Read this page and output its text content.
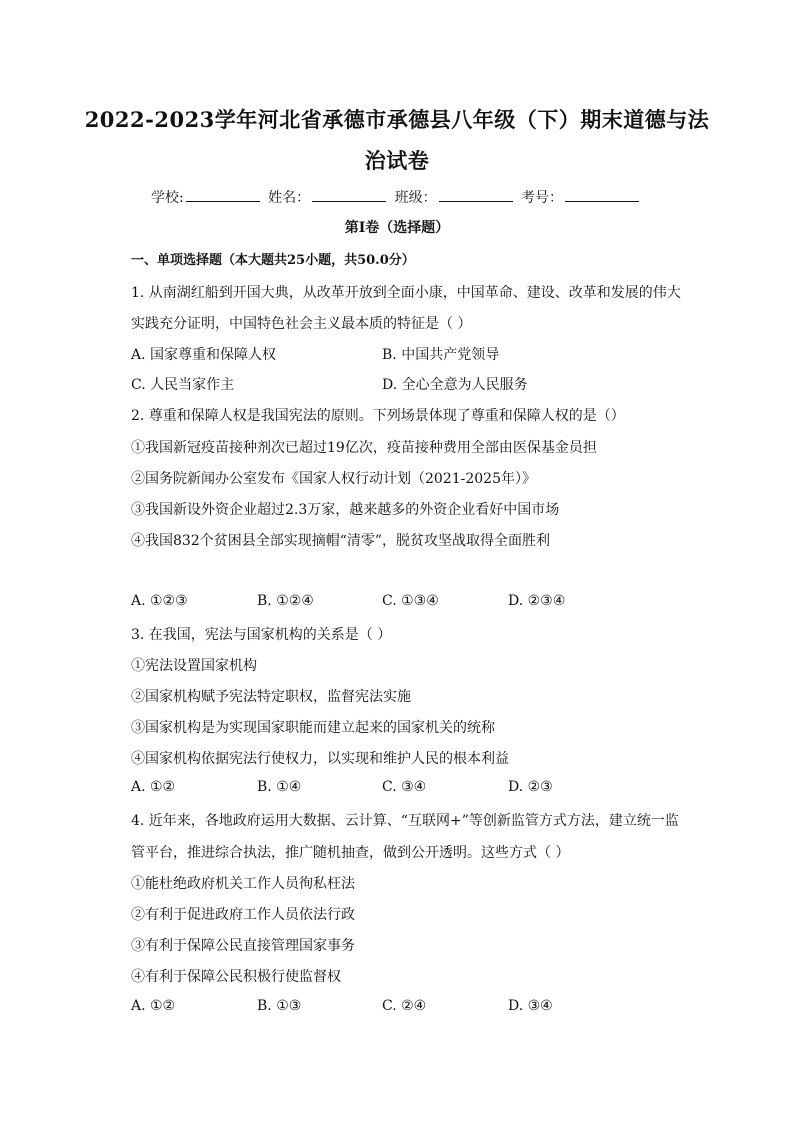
2022-2023学年河北省承德市承德县八年级（下）期末道德与法
治试卷
学校:	姓名：	班级：	考号：
第Ⅰ卷（选择题）
一、单项选择题（本大题共25小题，共50.0分）
1. 从南湖红船到开国大典，从改革开放到全面小康，中国革命、建设、改革和发展的伟大
实践充分证明，中国特色社会主义最本质的特征是（ ）
A. 国家尊重和保障人权	B. 中国共产党领导
C. 人民当家作主	D. 全心全意为人民服务
2. 尊重和保障人权是我国宪法的原则。下列场景体现了尊重和保障人权的是（）
①我国新冠疫苗接种剂次已超过19亿次，疫苗接种费用全部由医保基金员担
②国务院新闻办公室发布《国家人权行动计划（2021-2025年）》
③我国新设外资企业超过2.3万家，越来越多的外资企业看好中国市场
④我国832个贫困县全部实现摘帽“清零”，脱贫攻坚战取得全面胜利
A. ①②③	B. ①②④	C. ①③④	D. ②③④
3. 在我国，宪法与国家机构的关系是（ ）
①宪法设置国家机构
②国家机构赋予宪法特定职权，监督宪法实施
③国家机构是为实现国家职能而建立起来的国家机关的统称
④国家机构依据宪法行使权力，以实现和维护人民的根本利益
A. ①②	B. ①④	C. ③④	D. ②③
4. 近年来，各地政府运用大数据、云计算、“互联网+”等创新监管方式方法，建立统一监
管平台，推进综合执法，推广随机抽查，做到公开透明。这些方式（ ）
①能杜绝政府机关工作人员徇私枉法
②有利于促进政府工作人员依法行政
③有利于保障公民直接管理国家事务
④有利于保障公民积极行使监督权
A. ①②	B. ①③	C. ②④	D. ③④
